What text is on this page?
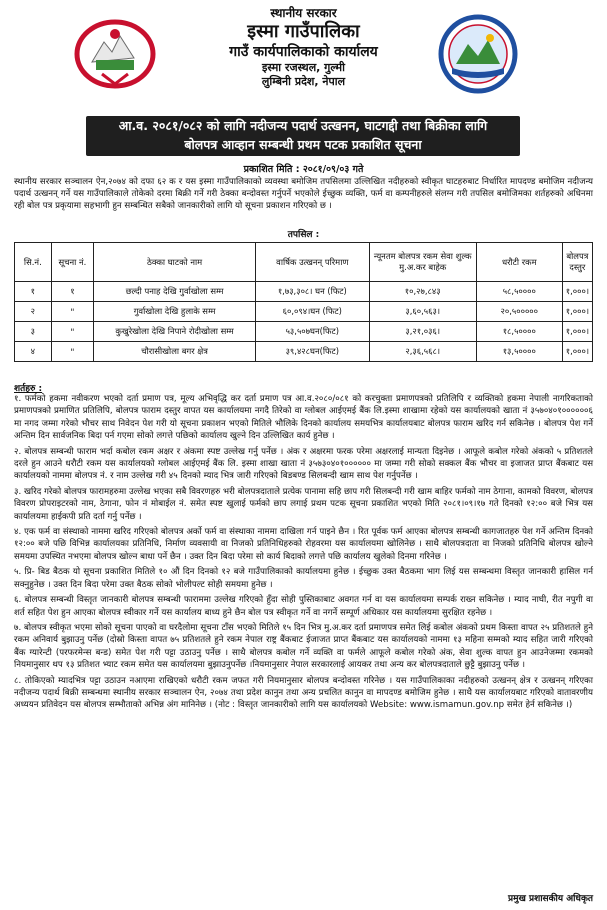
स्थानीय सरकार
इस्मा गाउँपालिका
गाउँ कार्यपालिकाको कार्यालय
इस्मा रजस्थल, गुल्मी
लुम्बिनी प्रदेश, नेपाल
आ.व. २०८१/०८२ को लागि नदीजन्य पदार्थ उत्खनन, घाटगद्दी तथा बिक्रीका लागि
बोलपत्र आव्हान सम्बन्धी प्रथम पटक प्रकाशित सूचना
प्रकाशित मिति : २०८१/०९/०३ गते
स्थानीय सरकार सञ्चालन ऐन,२०७४ को दफा ६२ क र यस इस्मा गाउँपालिकाको व्यवस्था बमोजिम तपसिलमा उल्लिखित नदीहरुको स्वीकृत घाटहरुबाट निर्धारित मापदण्ड बमोजिम नदीजन्य पदार्थ उत्खनन् गर्ने यस गाउँपालिकाले तोकेको दरमा बिक्री गर्ने गरी ठेक्का बन्दोवस्त गर्नुपर्ने भएकोले ईच्छुक व्यक्ति, फर्म वा कम्पनीहरुले संलग्न गरी तपसिल बमोजिमका शर्तहरुको अधिनमा रही बोल पत्र प्रकृयामा सहभागी हुन सम्बन्धित सबैको जानकारीको लागि यो सूचना प्रकाशन गरिएको छ ।
तपसिल :
सि.नं.	सूचना नं.	ठेक्का घाटको नाम	वार्षिक उत्खनन् परिमाण	न्यूनतम बोलपत्र रकम सेवा शुल्क मु.अ.कर बाहेक	धरौटी रकम	बोलपत्र दस्तुर
१	१	छल्दी पनाह देखि गुर्वाखोला सम्म	१,७३,३०८। घन (फिट)	१०,२७,८४३	५८,५००००	१,०००।
२	"	गुर्वाखोला देखि हुलाके सम्म	६०,०९४।घन (फिट)	३,६०,५६३।	२०,५०००००	१,०००।
३	"	कुखुरेखोला देखि निपाने रोदीखोला सम्म	५३,५०७घन(फिट)	३,२१,०३६।	१८,५००००	१,०००।
४	"	चौरासीखोला बगर क्षेत्र	३९,४२८घन(फिट)	२,३६,५६८।	१३,५००००	१,०००।
शर्तहरु :
१. फर्मको हकमा नवीकरण भएको दर्ता प्रमाण पत्र, मूल्य अभिवृद्धि कर दर्ता प्रमाण पत्र आ.व.२०८०/०८१ को करचुक्ता प्रमाणपत्रको प्रतिलिपि र व्यक्तिको हकमा नेपाली नागरिकताको प्रमाणपत्रको प्रमाणित प्रतिलिपि, बोलपत्र फाराम दस्तुर वापत यस कार्यालयमा नगदै तिरेको वा ग्लोबल आईएमई बैंक लि.इस्मा शाखामा रहेको यस कार्यालयको खाता नं ३५७०४०१००००००६ मा नगद जम्मा गरेको भौचर साथ निवेदन पेश गरी यो सूचना प्रकाशन भएको मितिले भौलिके दिनको कार्यालय समयभित्र कार्यालयबाट बोलपत्र फाराम खरिद गर्न सकिनेछ । बोलपत्र पेश गर्ने अन्तिम दिन सार्वजनिक बिदा पर्न गएमा सोको लगत्ते पछिको कार्यालय खुल्ने दिन उल्लिखित कार्य हुनेछ ।
२. बोलपत्र सम्बन्धी फाराम भर्दा कबोल रकम अक्षर र अंकमा स्पष्ट उल्लेख गर्नु पर्नेछ । अंक र अक्षरमा फरक परेमा अक्षरलाई मान्यता दिइनेछ । आफूले कबोल गरेको अंकको ५ प्रतिशतले दरले हुन आउने धरौटी रकम यस कार्यालयको ग्लोबल आईएमई बैंक लि. इस्मा शाखा खाता नं ३५७३०४०१०००००० मा जम्मा गरी सोको सक्कल बैंक भौचर वा इजाजत प्राप्त बैंकबाट यस कार्यालयको नाममा बोलपत्र नं. र नाम उल्लेख गरी ४५ दिनको म्याद भित्र जारी गरिएको बिडबण्ड सिलबन्दी खाम साथ पेश गर्नुपर्नेछ ।
३. खरिद गरेको बोलपत्र फारामहरुमा उल्लेख भएका सबै विवरणहरु भरी बोलपत्रदाताले प्रत्येक पानामा सहि छाप गरी सिलबन्दी गरी खाम बाहिर फर्मको नाम ठेगाना, कामको विवरण, बोलपत्र विवरण प्रोपराइटरको नाम, ठेगाना, फोन नं मोबाईल नं. समेत स्पष्ट खुलाई फर्मको छाप लगाई प्रथम पटक सूचना प्रकाशित भएको मिति २०८१।०९।१७ गते दिनको १२:०० बजे भित्र यस कार्यालयमा हाईकपी प्रति दर्ता गर्नु पर्नेछ ।
४. एक फर्म वा संस्थाको नाममा खरिद गरिएको बोलपत्र अर्को फर्म वा संस्थाका नाममा दाखिला गर्न पाइने छैन । रित पूर्वक फर्म आएका बोलपत्र सम्बन्धी कागजातहरु पेश गर्ने अन्तिम दिनको १२:०० बजे पछि विभिन्न कार्यालयका प्रतिनिधि, निर्माण व्यवसायी वा निजको प्रतिनिधिहरुको रोहवरमा यस कार्यालयमा खोलिनेछ । साथै बोलपत्रदाता वा निजको प्रतिनिधि बोलपत्र खोल्ने समयमा उपस्थित नभएमा बोलपत्र खोल्न बाधा पर्ने छैन । उक्त दिन बिदा परेमा सो कार्य बिदाको लगत्ते पछि कार्यालय खुलेको दिनमा गरिनेछ ।
५. प्रि- बिड बैठक यो सूचना प्रकाशित मितिले १० औं दिन दिनको १२ बजे गाउँपालिकाको कार्यालयमा हुनेछ । ईच्छुक उक्त बैठकमा भाग लिई यस सम्बन्धमा विस्तृत जानकारी हासिल गर्न सक्नुहुनेछ । उक्त दिन बिदा परेमा उक्त बैठक सोको भोलीपल्ट सोही समयमा हुनेछ ।
६. बोलपत्र सम्बन्धी विस्तृत जानकारी बोलपत्र सम्बन्धी फाराममा उल्लेख गरिएको हुँदा सोही पुस्तिकाबाट अवगत गर्न वा यस कार्यालयमा सम्पर्क राख्न सकिनेछ । म्याद नाघी, रीत नपुगी वा शर्त सहित पेश हुन आएका बोलपत्र स्वीकार गर्ने यस कार्यालय बाध्य हुने छैन बोल पत्र स्वीकृत गर्ने वा नगर्ने सम्पूर्ण अधिकार यस कार्यालयमा सुरक्षित रहनेछ ।
७. बोलपत्र स्वीकृत भएमा सोको सूचना पाएको वा घरदैलोमा सूचना टाँस भएको मितिले १५ दिन भित्र मु.अ.कर दर्ता प्रमाणपत्र समेत लिई कबोल अंकको प्रथम किस्ता वापत २५ प्रतिशतले हुने रकम अनिवार्य बुझाउनु पर्नेछ (दोस्रो किस्ता वापत ७५ प्रतिशतले हुने रकम नेपाल राष्ट्र बैंकबाट ईजाजत प्राप्त बैंकबाट यस कार्यालयको नाममा १३ महिना सम्मको म्याद सहित जारी गरिएको बैंक ग्यारेन्टी (परफरमेन्स बन्ड) समेत पेश गरी पट्टा उठाउनु पर्नेछ । साथै बोलपत्र कबोल गर्ने व्यक्ति वा फर्मले आफूले कबोल गरेको अंक, सेवा शुल्क वापत हुन आउनेजम्मा रकमको नियमानुसार थप १३ प्रतिशत भ्याट रकम समेत यस कार्यालयमा बुझाउनुपर्नेछ ।नियमानुसार नेपाल सरकारलाई आयकर तथा अन्य कर बोलपत्रदाताले छुट्टै बुझाउनु पर्नेछ ।
८. तोकिएको म्यादभित्र पट्टा उठाउन नआएमा राखिएको धरौटी रकम जफत गरी नियमानुसार बोलपत्र बन्दोवस्त गरिनेछ । यस गाउँपालिकाका नदीहरुको उत्खनन् क्षेत्र र उत्खनन् गरिएका नदीजन्य पदार्थ बिक्री सम्बन्धमा स्थानीय सरकार सञ्चालन ऐन, २०७४ तथा प्रदेश कानुन तथा अन्य प्रचलित कानुन वा मापदण्ड बमोजिम हुनेछ । साथै यस कार्यालयबाट गरिएको वातावरणीय अध्ययन प्रतिवेदन यस बोलपत्र सम्भौताको अभिन्न अंग मानिनेछ । (नोट : विस्तृत जानकारीको लागि यस कार्यालयको Website: www.ismamun.gov.np समेत हेर्न सकिनेछ ।)
प्रमुख प्रशासकीय अधिकृत
